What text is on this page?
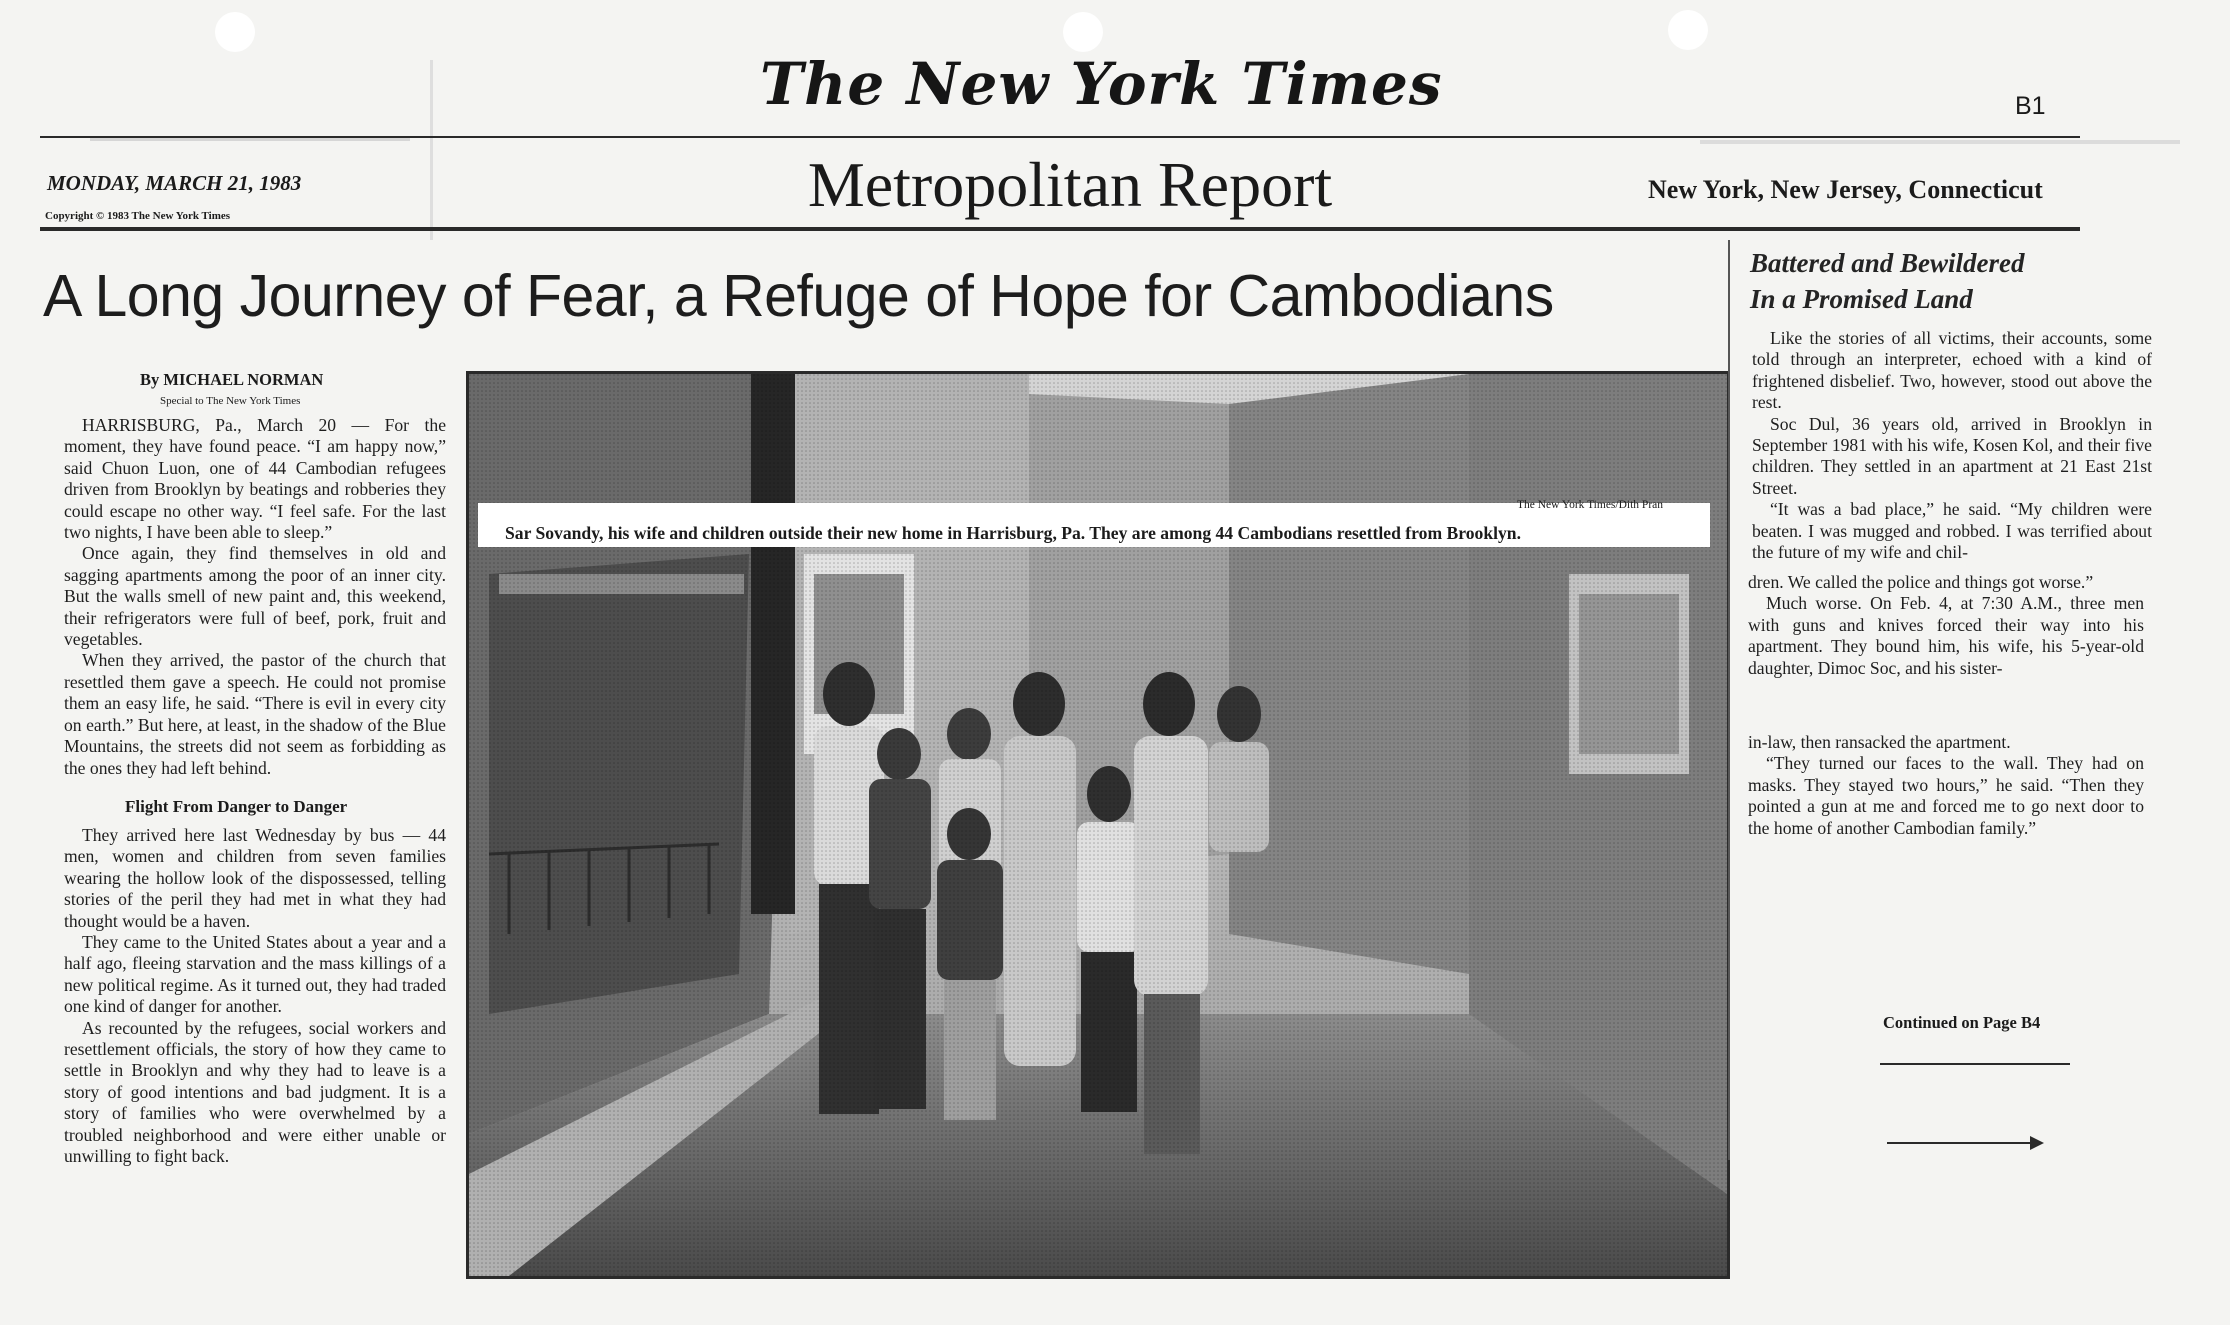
The New York Times	B1
Metropolitan Report
MONDAY, MARCH 21, 1983
Copyright © 1983 The New York Times
New York, New Jersey, Connecticut
A Long Journey of Fear, a Refuge of Hope for Cambodians
By MICHAEL NORMAN
Special to The New York Times

HARRISBURG, Pa., March 20 — For the moment, they have found peace. “I am happy now,” said Chuon Luon, one of 44 Cambodian refugees driven from Brooklyn by beatings and robberies they could escape no other way. “I feel safe. For the last two nights, I have been able to sleep.”

Once again, they find themselves in old and sagging apartments among the poor of an inner city. But the walls smell of new paint and, this weekend, their refrigerators were full of beef, pork, fruit and vegetables.

When they arrived, the pastor of the church that resettled them gave a speech. He could not promise them an easy life, he said. “There is evil in every city on earth.” But here, at least, in the shadow of the Blue Mountains, the streets did not seem as forbidding as the ones they had left behind.

Flight From Danger to Danger

They arrived here last Wednesday by bus — 44 men, women and children from seven families wearing the hollow look of the dispossessed, telling stories of the peril they had met in what they had thought would be a haven.

They came to the United States about a year and a half ago, fleeing starvation and the mass killings of a new political regime. As it turned out, they had traded one kind of danger for another.

As recounted by the refugees, social workers and resettlement officials, the story of how they came to settle in Brooklyn and why they had to leave is a story of good intentions and bad judgment. It is a story of families who were overwhelmed by a troubled neighborhood and were either unable or unwilling to fight back.

The New York Times/Dith Pran
Sar Sovandy, his wife and children outside their new home in Harrisburg, Pa. They are among 44 Cambodians resettled from Brooklyn.
Battered and Bewildered
In a Promised Land

Like the stories of all victims, their accounts, some told through an interpreter, echoed with a kind of frightened disbelief. Two, however, stood out above the rest.

Soc Dul, 36 years old, arrived in Brooklyn in September 1981 with his wife, Kosen Kol, and their five children. They settled in an apartment at 21 East 21st Street.

“It was a bad place,” he said. “My children were beaten. I was mugged and robbed. I was terrified about the future of my wife and chil-

dren. We called the police and things got worse.”

Much worse. On Feb. 4, at 7:30 A.M., three men with guns and knives forced their way into his apartment. They bound him, his wife, his 5-year-old daughter, Dimoc Soc, and his sister-

in-law, then ransacked the apartment.

“They turned our faces to the wall. They had on masks. They stayed two hours,” he said. “Then they pointed a gun at me and forced me to go next door to the home of another Cambodian family.”

Continued on Page B4
